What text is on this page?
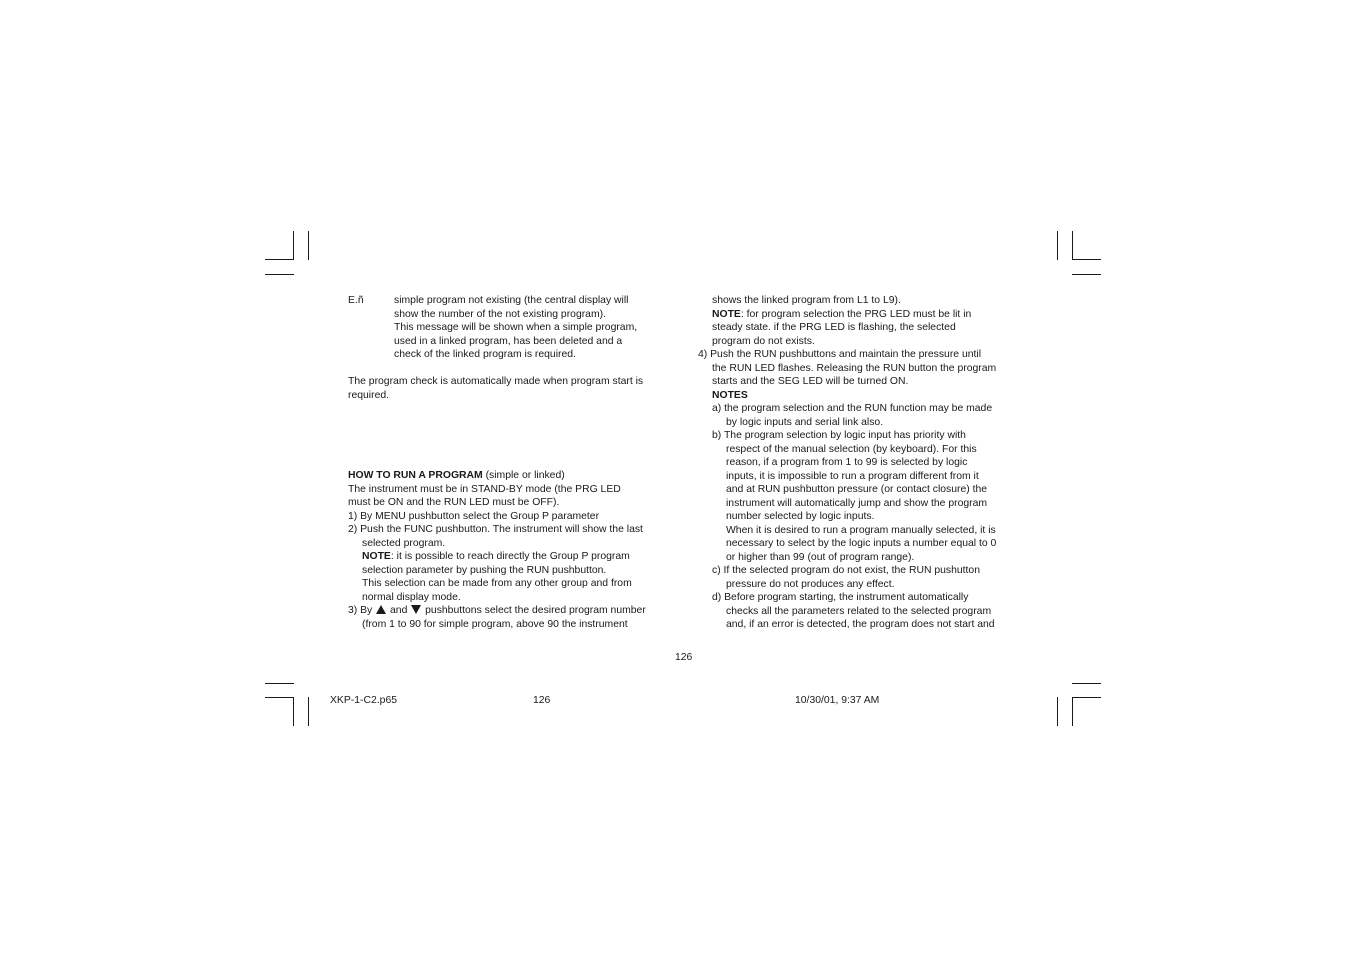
E.ñ	simple program not existing (the central display will
show the number of the not existing program).
This message will be shown when a simple program,
used in a linked program, has been deleted and a
check of the linked program is required.
The program check is automatically made when program start is
required.
HOW TO RUN A PROGRAM (simple or linked)
The instrument must be in STAND-BY mode (the PRG LED
must be ON and the RUN LED must be OFF).
1) By MENU pushbutton select the Group P parameter
2) Push the FUNC pushbutton. The instrument will show the last
selected program.
NOTE: it is possible to reach directly the Group P program
selection parameter by pushing the RUN pushbutton.
This selection can be made from any other group and from
normal display mode.
3) By  and  pushbuttons select the desired program number
(from 1 to 90 for simple program, above 90 the instrument
shows the linked program from L1 to L9).
NOTE: for program selection the PRG LED must be lit in
steady state. if the PRG LED is flashing, the selected
program do not exists.
4) Push the RUN pushbuttons and maintain the pressure until
the RUN LED flashes. Releasing the RUN button the program
starts and the SEG LED will be turned ON.
NOTES
a) the program selection and the RUN function may be made
by logic inputs and serial link also.
b) The program selection by logic input has priority with
respect of the manual selection (by keyboard). For this
reason, if a program from 1 to 99 is selected by logic
inputs, it is impossible to run a program different from it
and at RUN pushbutton pressure (or contact closure) the
instrument will automatically jump and show the program
number selected by logic inputs.
When it is desired to run a program manually selected, it is
necessary to select by the logic inputs a number equal to 0
or higher than 99 (out of program range).
c) If the selected program do not exist, the RUN pushutton
pressure do not produces any effect.
d) Before program starting, the instrument automatically
checks all the parameters related to the selected program
and, if an error is detected, the program does not start and
126
XKP-1-C2.p65	126	10/30/01, 9:37 AM
